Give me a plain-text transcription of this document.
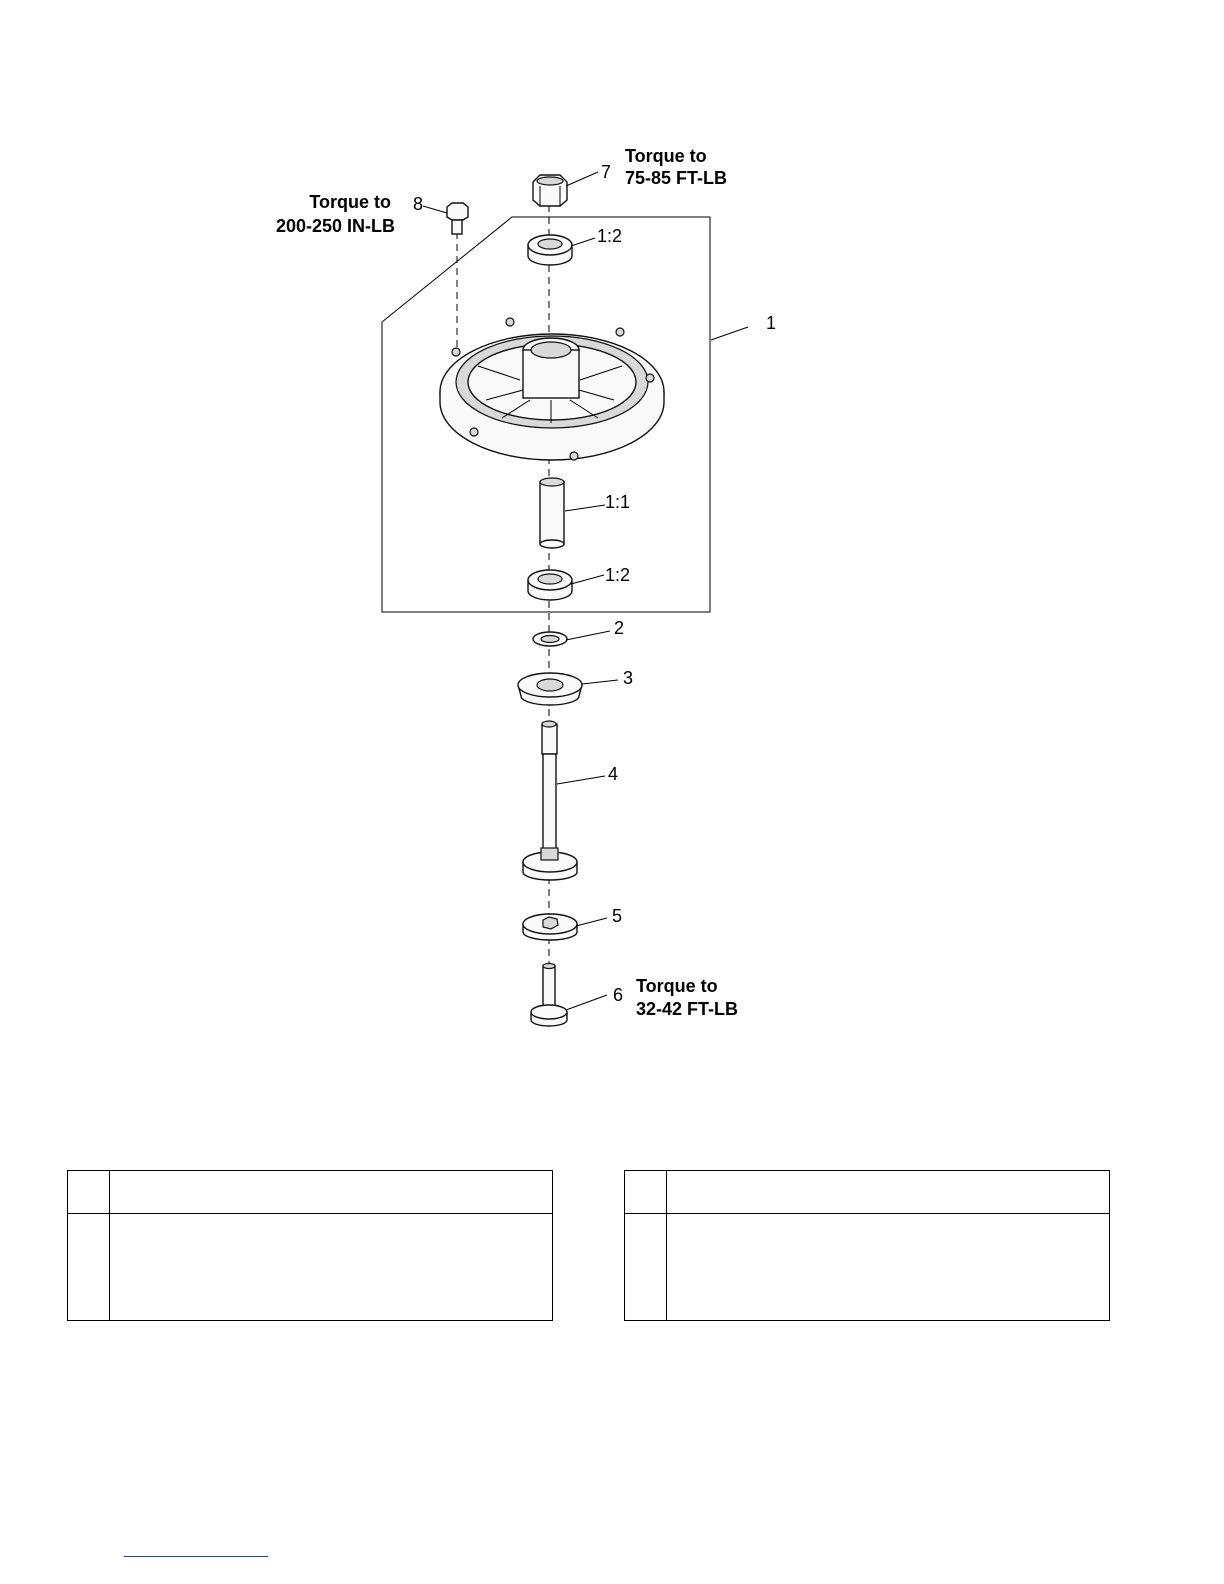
7
8
1:2
1
1:1
1:2
2
3
4
5
6
Torque to
75-85 FT-LB
Torque to
200-250 IN-LB
Torque to
32-42 FT-LB
